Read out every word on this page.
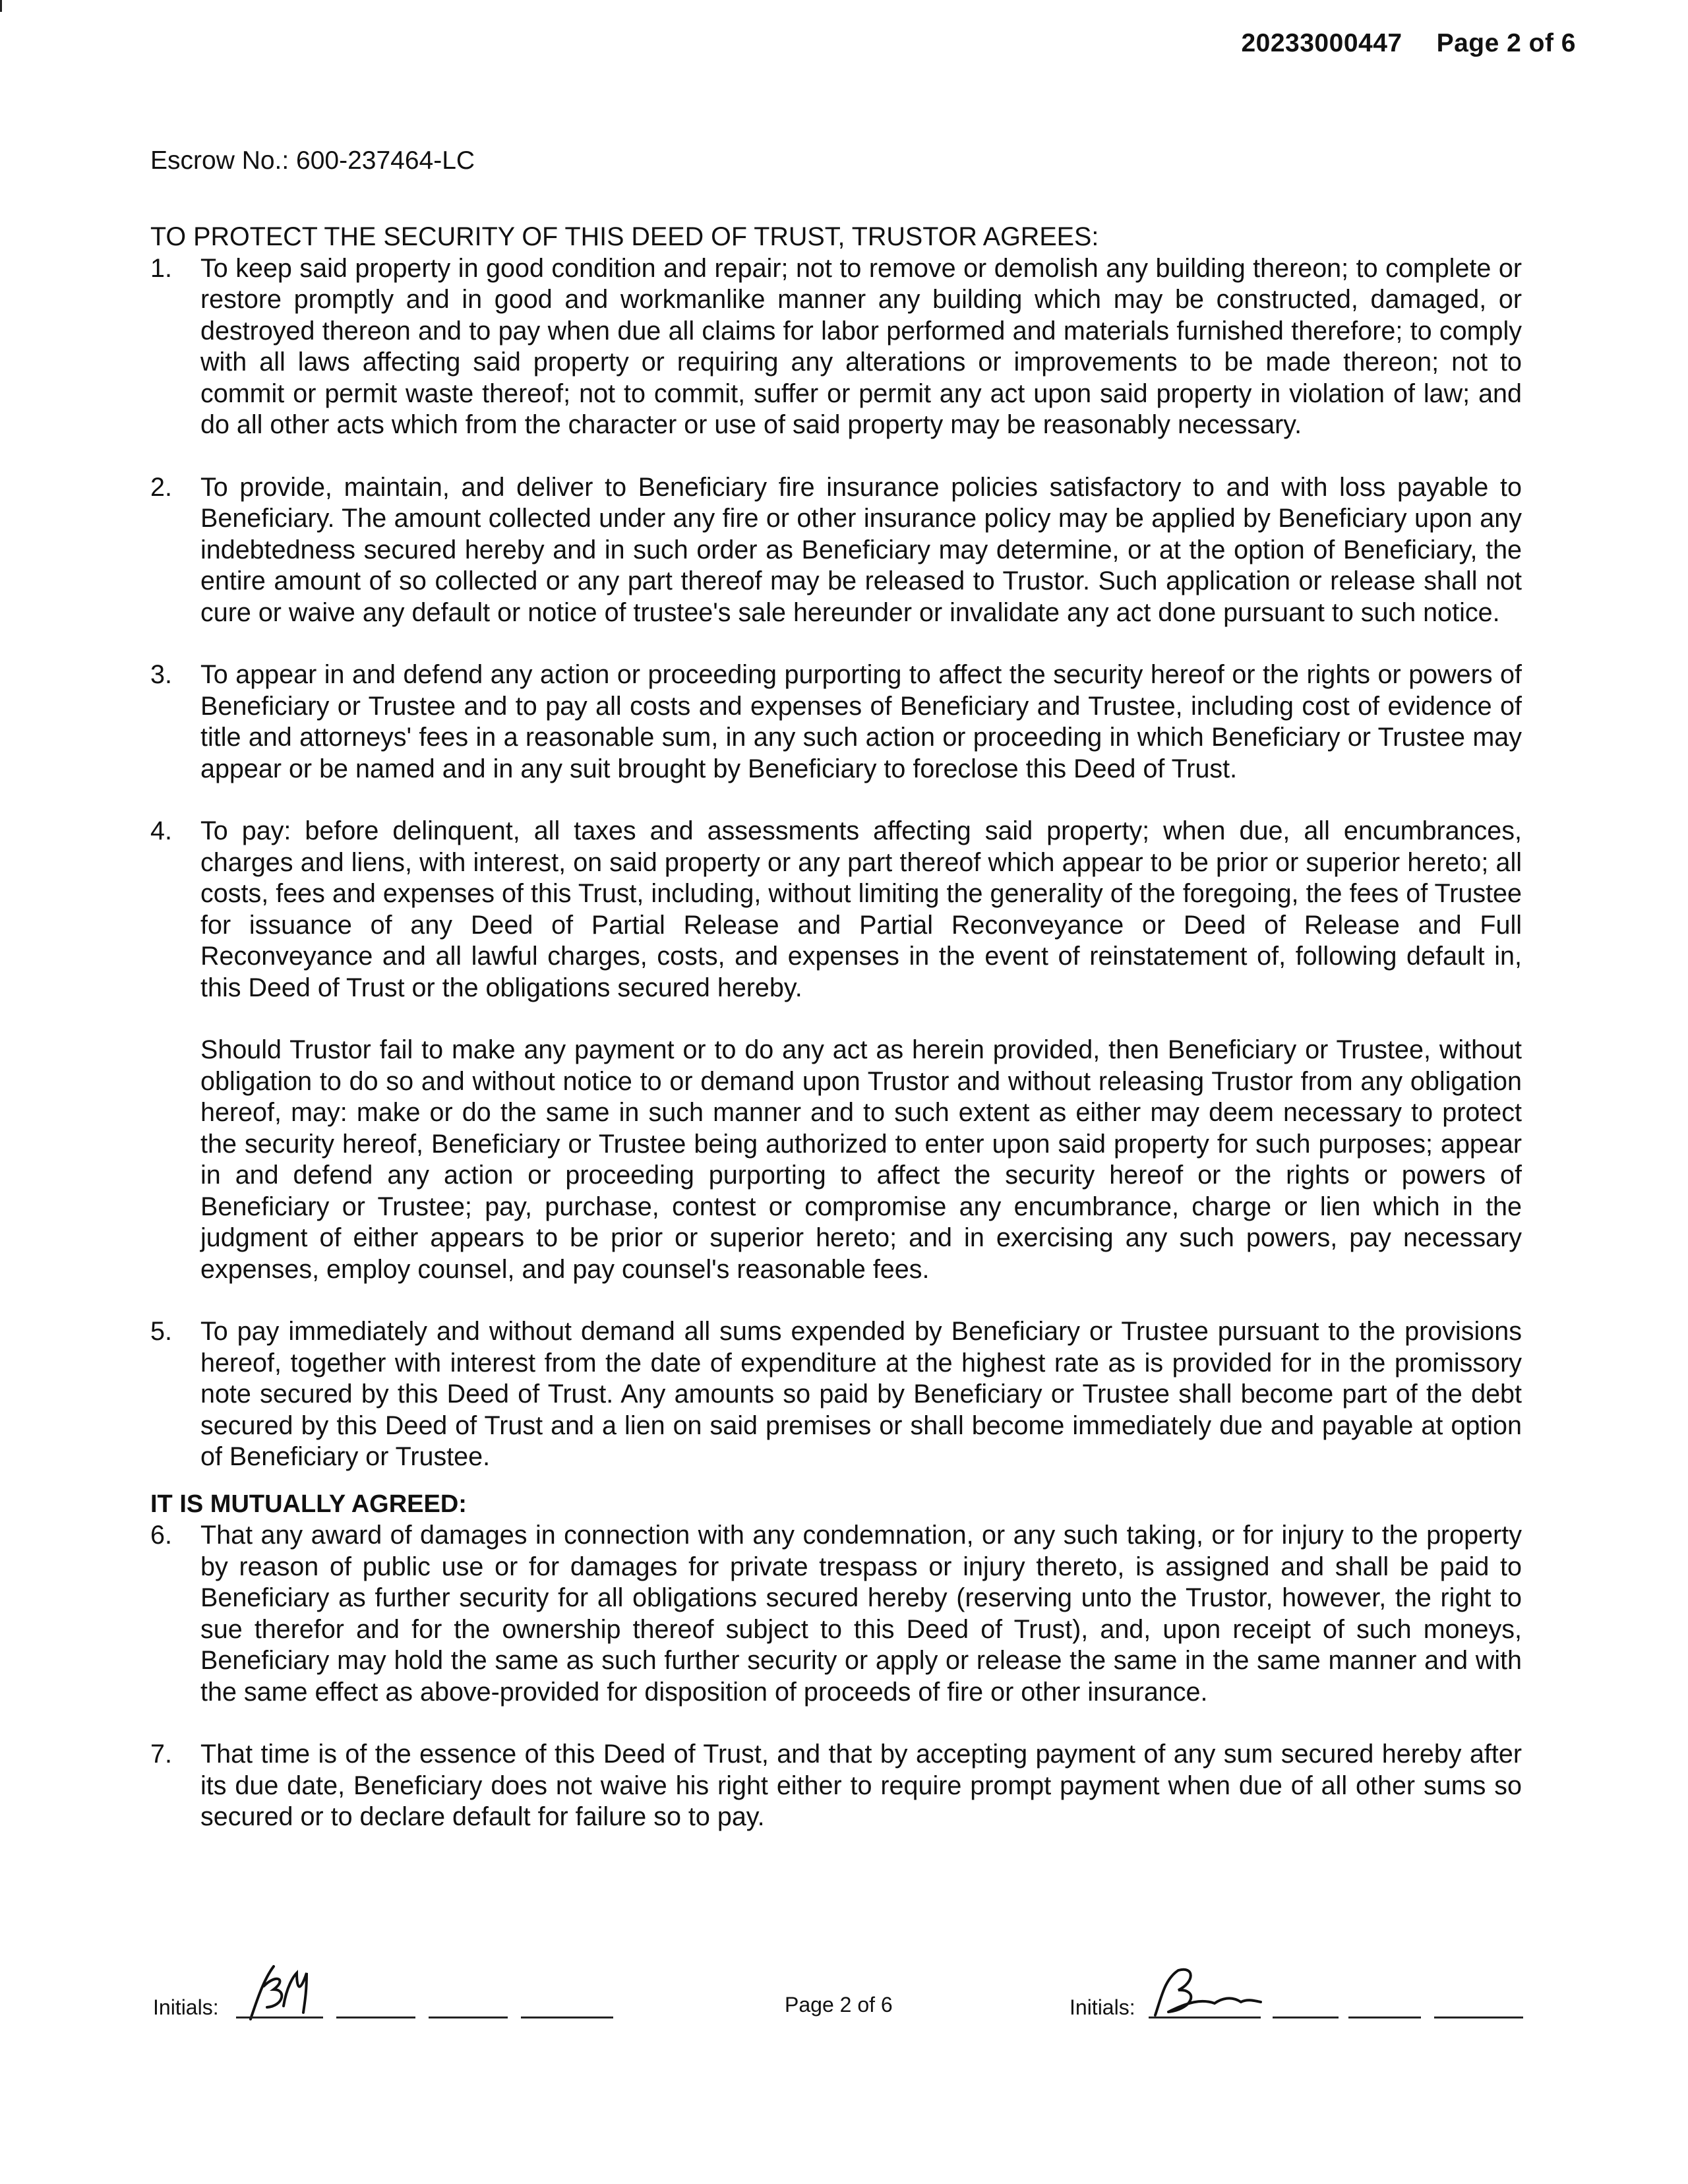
20233000447 Page 2 of 6
Escrow No.: 600-237464-LC

TO PROTECT THE SECURITY OF THIS DEED OF TRUST, TRUSTOR AGREES:

1.	To keep said property in good condition and repair; not to remove or demolish any building thereon; to complete or restore promptly and in good and workmanlike manner any building which may be constructed, damaged, or destroyed thereon and to pay when due all claims for labor performed and materials furnished therefore; to comply with all laws affecting said property or requiring any alterations or improvements to be made thereon; not to commit or permit waste thereof; not to commit, suffer or permit any act upon said property in violation of law; and do all other acts which from the character or use of said property may be reasonably necessary.
2.	To provide, maintain, and deliver to Beneficiary fire insurance policies satisfactory to and with loss payable to Beneficiary. The amount collected under any fire or other insurance policy may be applied by Beneficiary upon any indebtedness secured hereby and in such order as Beneficiary may determine, or at the option of Beneficiary, the entire amount of so collected or any part thereof may be released to Trustor. Such application or release shall not cure or waive any default or notice of trustee's sale hereunder or invalidate any act done pursuant to such notice.
3.	To appear in and defend any action or proceeding purporting to affect the security hereof or the rights or powers of Beneficiary or Trustee and to pay all costs and expenses of Beneficiary and Trustee, including cost of evidence of title and attorneys' fees in a reasonable sum, in any such action or proceeding in which Beneficiary or Trustee may appear or be named and in any suit brought by Beneficiary to foreclose this Deed of Trust.
4.	To pay: before delinquent, all taxes and assessments affecting said property; when due, all encumbrances, charges and liens, with interest, on said property or any part thereof which appear to be prior or superior hereto; all costs, fees and expenses of this Trust, including, without limiting the generality of the foregoing, the fees of Trustee for issuance of any Deed of Partial Release and Partial Reconveyance or Deed of Release and Full Reconveyance and all lawful charges, costs, and expenses in the event of reinstatement of, following default in, this Deed of Trust or the obligations secured hereby.

Should Trustor fail to make any payment or to do any act as herein provided, then Beneficiary or Trustee, without obligation to do so and without notice to or demand upon Trustor and without releasing Trustor from any obligation hereof, may: make or do the same in such manner and to such extent as either may deem necessary to protect the security hereof, Beneficiary or Trustee being authorized to enter upon said property for such purposes; appear in and defend any action or proceeding purporting to affect the security hereof or the rights or powers of Beneficiary or Trustee; pay, purchase, contest or compromise any encumbrance, charge or lien which in the judgment of either appears to be prior or superior hereto; and in exercising any such powers, pay necessary expenses, employ counsel, and pay counsel's reasonable fees.

5.	To pay immediately and without demand all sums expended by Beneficiary or Trustee pursuant to the provisions hereof, together with interest from the date of expenditure at the highest rate as is provided for in the promissory note secured by this Deed of Trust. Any amounts so paid by Beneficiary or Trustee shall become part of the debt secured by this Deed of Trust and a lien on said premises or shall become immediately due and payable at option of Beneficiary or Trustee.

IT IS MUTUALLY AGREED:

6.	That any award of damages in connection with any condemnation, or any such taking, or for injury to the property by reason of public use or for damages for private trespass or injury thereto, is assigned and shall be paid to Beneficiary as further security for all obligations secured hereby (reserving unto the Trustor, however, the right to sue therefor and for the ownership thereof subject to this Deed of Trust), and, upon receipt of such moneys, Beneficiary may hold the same as such further security or apply or release the same in the same manner and with the same effect as above-provided for disposition of proceeds of fire or other insurance.
7.	That time is of the essence of this Deed of Trust, and that by accepting payment of any sum secured hereby after its due date, Beneficiary does not waive his right either to require prompt payment when due of all other sums so secured or to declare default for failure so to pay.
Initials:	Page 2 of 6	Initials:
